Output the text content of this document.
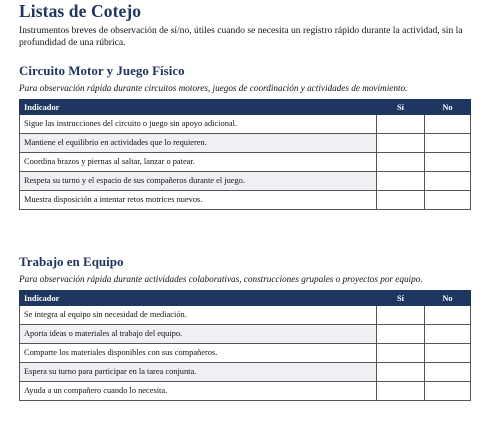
Listas de Cotejo

Instrumentos breves de observación de sí/no, útiles cuando se necesita un registro rápido durante la actividad, sin la profundidad de una rúbrica.

Circuito Motor y Juego Físico

Para observación rápida durante circuitos motores, juegos de coordinación y actividades de movimiento.

Indicador	Sí	No
Sigue las instrucciones del circuito o juego sin apoyo adicional.		
Mantiene el equilibrio en actividades que lo requieren.		
Coordina brazos y piernas al saltar, lanzar o patear.		
Respeta su turno y el espacio de sus compañeros durante el juego.		
Muestra disposición a intentar retos motrices nuevos.		
Trabajo en Equipo

Para observación rápida durante actividades colaborativas, construcciones grupales o proyectos por equipo.

Indicador	Sí	No
Se integra al equipo sin necesidad de mediación.		
Aporta ideas o materiales al trabajo del equipo.		
Comparte los materiales disponibles con sus compañeros.		
Espera su turno para participar en la tarea conjunta.		
Ayuda a un compañero cuando lo necesita.		
